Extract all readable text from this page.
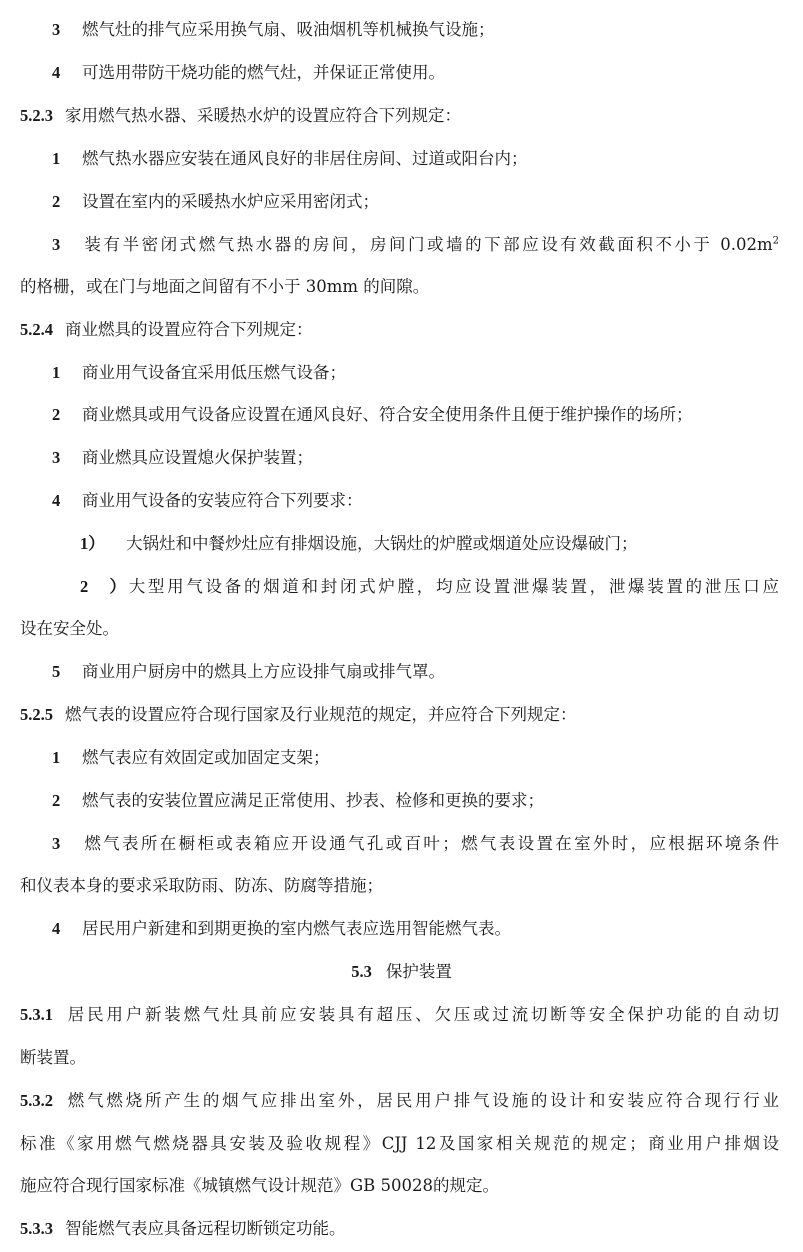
3 燃气灶的排气应采用换气扇、吸油烟机等机械换气设施；
4 可选用带防干烧功能的燃气灶，并保证正常使用。
5.2.3 家用燃气热水器、采暖热水炉的设置应符合下列规定：
1 燃气热水器应安装在通风良好的非居住房间、过道或阳台内；
2 设置在室内的采暖热水炉应采用密闭式；
3 装有半密闭式燃气热水器的房间，房间门或墙的下部应设有效截面积不小于 $0.02m^2$
的格栅，或在门与地面之间留有不小于 30mm 的间隙。
5.2.4 商业燃具的设置应符合下列规定：
1 商业用气设备宜采用低压燃气设备；
2 商业燃具或用气设备应设置在通风良好、符合安全使用条件且便于维护操作的场所；
3 商业燃具应设置熄火保护装置；
4 商业用气设备的安装应符合下列要求：
1） 大锅灶和中餐炒灶应有排烟设施，大锅灶的炉膛或烟道处应设爆破门；
2）大型用气设备的烟道和封闭式炉膛，均应设置泄爆装置，泄爆装置的泄压口应
设在安全处。
5 商业用户厨房中的燃具上方应设排气扇或排气罩。
5.2.5 燃气表的设置应符合现行国家及行业规范的规定，并应符合下列规定：
1 燃气表应有效固定或加固定支架；
2 燃气表的安装位置应满足正常使用、抄表、检修和更换的要求；
3 燃气表所在橱柜或表箱应开设通气孔或百叶；燃气表设置在室外时，应根据环境条件
和仪表本身的要求采取防雨、防冻、防腐等措施；
4 居民用户新建和到期更换的室内燃气表应选用智能燃气表。
5.3 保护装置
5.3.1 居民用户新装燃气灶具前应安装具有超压、欠压或过流切断等安全保护功能的自动切
断装置。
5.3.2 燃气燃烧所产生的烟气应排出室外，居民用户排气设施的设计和安装应符合现行行业
标准《家用燃气燃烧器具安装及验收规程》CJJ 12及国家相关规范的规定；商业用户排烟设
施应符合现行国家标准《城镇燃气设计规范》GB 50028的规定。
5.3.3 智能燃气表应具备远程切断锁定功能。
